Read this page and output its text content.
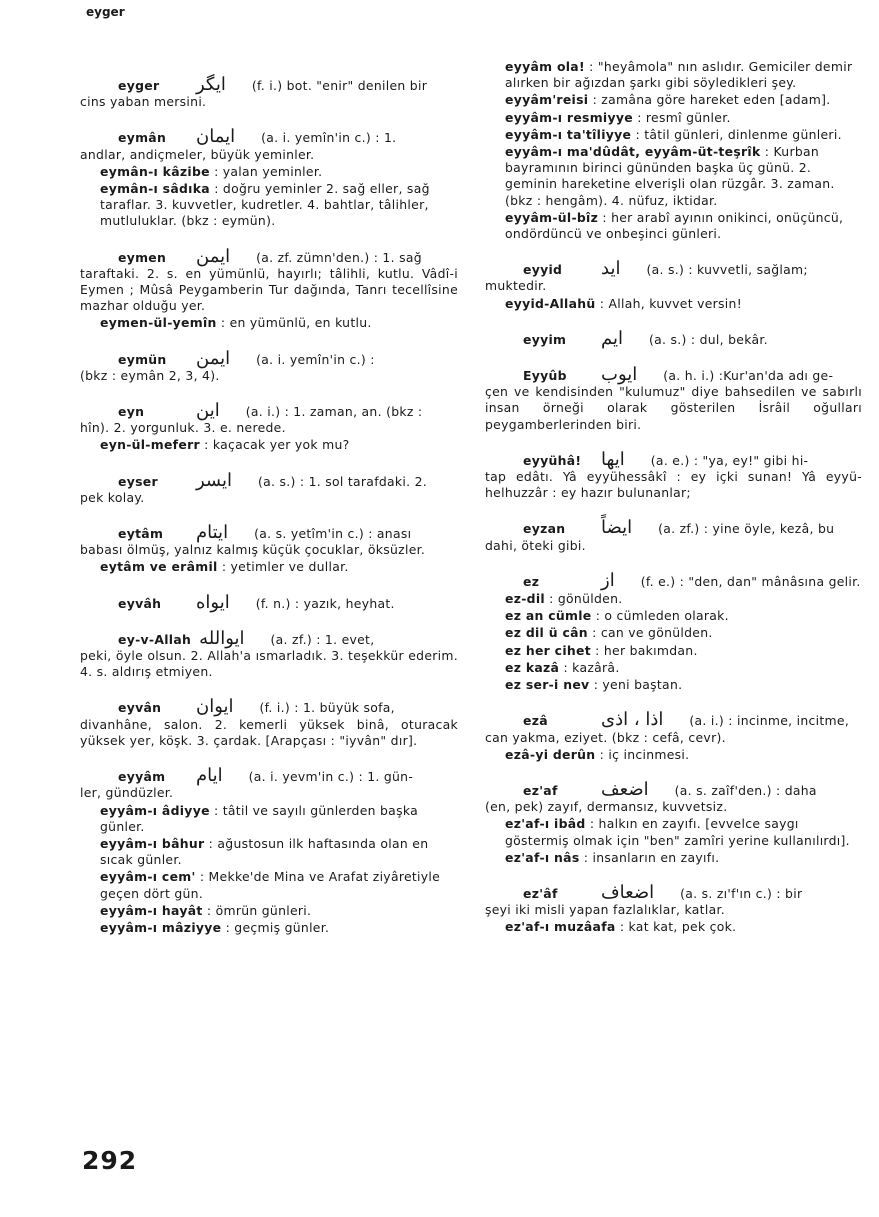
eyger
eyger	ایگر	(f. i.) bot. "enir" denilen bir
cins yaban mersini.
eymân	ایمان	(a. i. yemîn'in c.) : 1.
andlar, andiçmeler, büyük yeminler.
eymân-ı kâzibe : yalan yeminler.
eymân-ı sâdıka : doğru yeminler 2. sağ eller, sağ taraflar. 3. kuvvetler, kudretler. 4. bahtlar, tâlihler, mutluluklar. (bkz : eymün).
eymen	ایمن	(a. zf. zümn'den.) : 1. sağ
taraftaki. 2. s. en yümünlü, hayırlı; tâlihli, kutlu. Vâdî-i Eymen ; Mûsâ Peygamberin Tur dağında, Tanrı tecellîsine mazhar olduğu yer.
eymen-ül-yemîn : en yümünlü, en kutlu.
eymün	ایمن	(a. i. yemîn'in c.) :
(bkz : eymân 2, 3, 4).
eyn	این	(a. i.) : 1. zaman, an. (bkz :
hîn). 2. yorgunluk. 3. e. nerede.
eyn-ül-meferr : kaçacak yer yok mu?
eyser	ایسر	(a. s.) : 1. sol tarafdaki. 2.
pek kolay.
eytâm	ایتام	(a. s. yetîm'in c.) : anası
babası ölmüş, yalnız kalmış küçük çocuklar, öksüzler.
eytâm ve erâmil : yetimler ve dullar.
eyvâh	ایواه	(f. n.) : yazık, heyhat.
ey-v-Allah ایوالله	(a. zf.) : 1. evet,
peki, öyle olsun. 2. Allah'a ısmarladık. 3. teşekkür ederim. 4. s. aldırış etmiyen.
eyvân	ایوان	(f. i.) : 1. büyük sofa,
divanhâne, salon. 2. kemerli yüksek binâ, oturacak yüksek yer, köşk. 3. çardak. [Arapçası : "iyvân" dır].
eyyâm	ایام	(a. i. yevm'in c.) : 1. gün-
ler, gündüzler.
eyyâm-ı âdiyye : tâtil ve sayılı günlerden başka günler.
eyyâm-ı bâhur : ağustosun ilk haftasında olan en sıcak günler.
eyyâm-ı cem' : Mekke'de Mina ve Arafat ziyâretiyle geçen dört gün.
eyyâm-ı hayât : ömrün günleri.
eyyâm-ı mâziyye : geçmiş günler.
eyyâm ola! : "heyâmola" nın aslıdır. Gemiciler demir alırken bir ağızdan şarkı gibi söyledikleri şey.
eyyâm'reisi : zamâna göre hareket eden [adam].
eyyâm-ı resmiyye : resmî günler.
eyyâm-ı ta'tîliyye : tâtil günleri, dinlenme günleri.
eyyâm-ı ma'dûdât, eyyâm-üt-teşrîk : Kurban bayramının birinci gününden başka üç günü. 2. geminin hareketine elverişli olan rüzgâr. 3. zaman. (bkz : hengâm). 4. nüfuz, iktidar.
eyyâm-ül-bîz : her arabî ayının onikinci, onüçüncü, ondördüncü ve onbeşinci günleri.
eyyid	اید	(a. s.) : kuvvetli, sağlam;
muktedir.
eyyid-Allahü : Allah, kuvvet versin!
eyyim	ایم	(a. s.) : dul, bekâr.
Eyyûb	ایوب	(a. h. i.) :Kur'an'da adı ge-
çen ve kendisinden "kulumuz" diye bahsedilen ve sabırlı insan örneği olarak gösterilen İsrâil oğulları peygamberlerinden biri.
eyyühâ!	ایها	(a. e.) : "ya, ey!" gibi hi-
tap edâtı. Yâ eyyühessâkî : ey içki sunan! Yâ eyyü-helhuzzâr : ey hazır bulunanlar;
eyzan	ایضاً	(a. zf.) : yine öyle, kezâ, bu
dahi, öteki gibi.
ez	از	(f. e.) : "den, dan" mânâsına gelir.
ez-dil : gönülden.
ez an cümle : o cümleden olarak.
ez dil ü cân : can ve gönülden.
ez her cihet : her bakımdan.
ez kazâ : kazârâ.
ez ser-i nev : yeni baştan.
ezâ	اذا ، اذى	(a. i.) : incinme, incitme,
can yakma, eziyet. (bkz : cefâ, cevr).
ezâ-yi derûn : iç incinmesi.
ez'af	اضعف	(a. s. zaîf'den.) : daha
(en, pek) zayıf, dermansız, kuvvetsiz.
ez'af-ı ibâd : halkın en zayıfı. [evvelce saygı göstermiş olmak için "ben" zamîri yerine kullanılırdı].
ez'af-ı nâs : insanların en zayıfı.
ez'âf	اضعاف	(a. s. zı'f'ın c.) : bir
şeyi iki misli yapan fazlalıklar, katlar.
ez'af-ı muzâafa : kat kat, pek çok.
292
